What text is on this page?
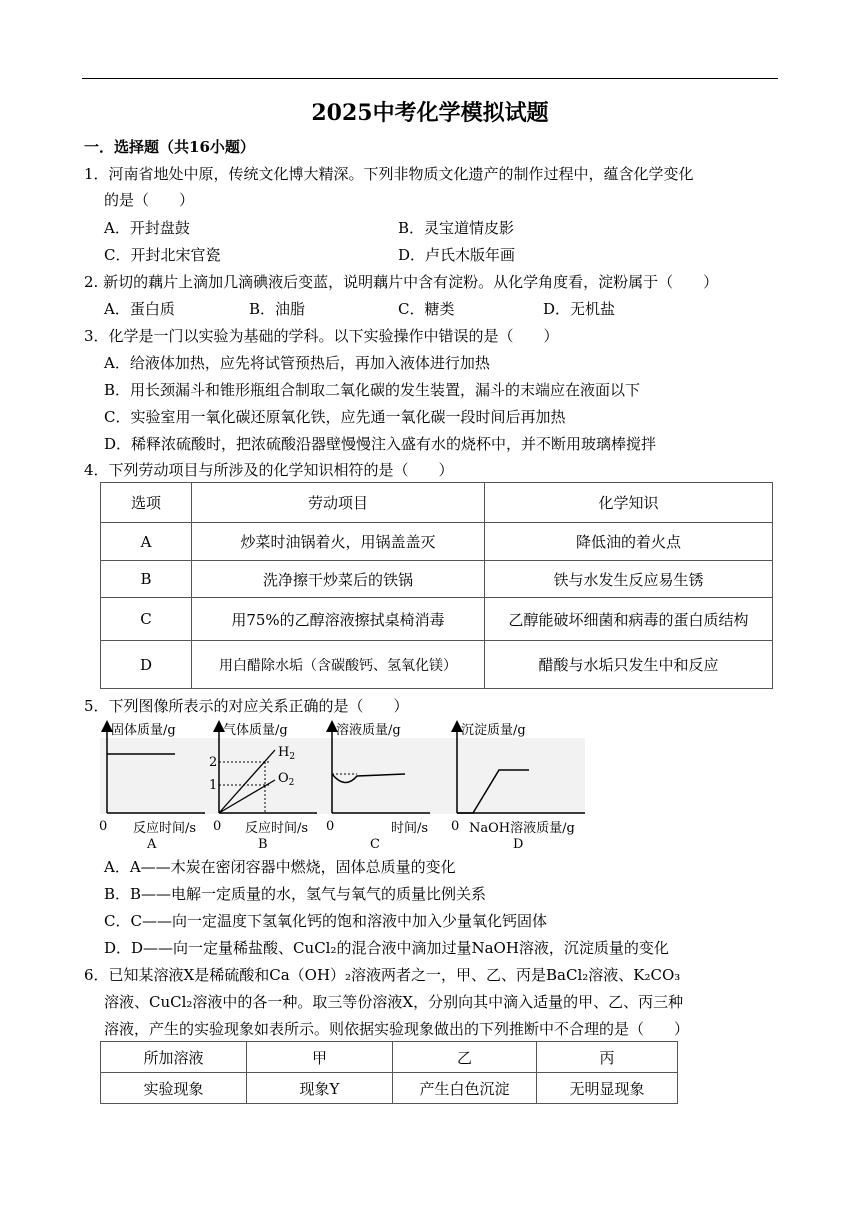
2025中考化学模拟试题
一．选择题（共16小题）
1．河南省地处中原，传统文化博大精深。下列非物质文化遗产的制作过程中，蕴含化学变化
的是（　　）
A．开封盘鼓	B．灵宝道情皮影
C．开封北宋官瓷	D．卢氏木版年画
2. 新切的藕片上滴加几滴碘液后变蓝，说明藕片中含有淀粉。从化学角度看，淀粉属于（　　）
A．蛋白质	B．油脂	C．糖类	D．无机盐
3．化学是一门以实验为基础的学科。以下实验操作中错误的是（　　）
A．给液体加热，应先将试管预热后，再加入液体进行加热
B．用长颈漏斗和锥形瓶组合制取二氧化碳的发生装置，漏斗的末端应在液面以下
C．实验室用一氧化碳还原氧化铁，应先通一氧化碳一段时间后再加热
D．稀释浓硫酸时，把浓硫酸沿器壁慢慢注入盛有水的烧杯中，并不断用玻璃棒搅拌
4．下列劳动项目与所涉及的化学知识相符的是（　　）
选项	劳动项目	化学知识
A	炒菜时油锅着火，用锅盖盖灭	降低油的着火点
B	洗净擦干炒菜后的铁锅	铁与水发生反应易生锈
C	用75%的乙醇溶液擦拭桌椅消毒	乙醇能破坏细菌和病毒的蛋白质结构
D	用白醋除水垢（含碳酸钙、氢氧化镁）	醋酸与水垢只发生中和反应
5．下列图像所表示的对应关系正确的是（　　）
固体质量/g
0 反应时间/s
A
气体质量/g
2
1
$H_2$
$O_2$
0 反应时间/s
B
溶液质量/g
0	时间/s
C
沉淀质量/g
0 NaOH溶液质量/g
D
A．A——木炭在密闭容器中燃烧，固体总质量的变化
B．B——电解一定质量的水，氢气与氧气的质量比例关系
C．C——向一定温度下氢氧化钙的饱和溶液中加入少量氧化钙固体
D．D——向一定量稀盐酸、CuCl₂的混合液中滴加过量NaOH溶液，沉淀质量的变化
6．已知某溶液X是稀硫酸和Ca（OH）₂溶液两者之一，甲、乙、丙是BaCl₂溶液、K₂CO₃
溶液、CuCl₂溶液中的各一种。取三等份溶液X，分别向其中滴入适量的甲、乙、丙三种
溶液，产生的实验现象如表所示。则依据实验现象做出的下列推断中不合理的是（　　）
所加溶液	甲	乙	丙
实验现象	现象Y	产生白色沉淀	无明显现象
